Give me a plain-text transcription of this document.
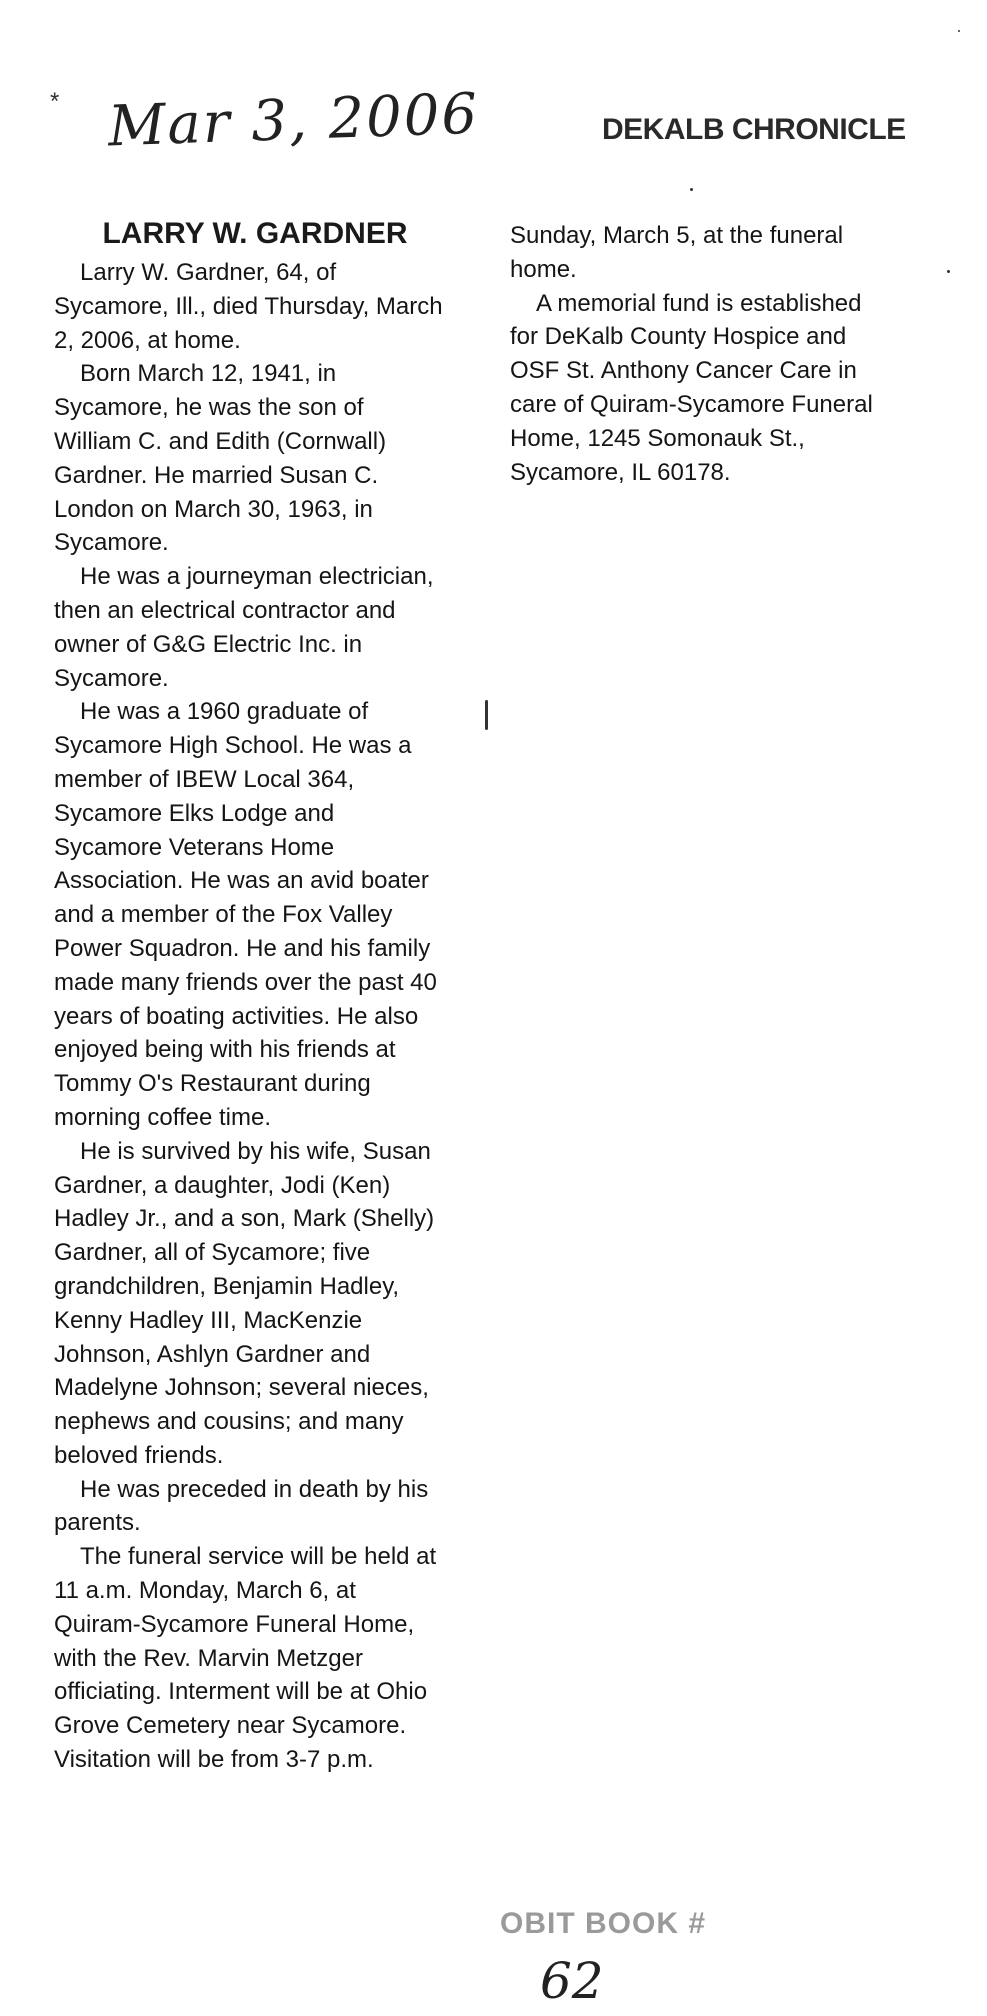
* Mar 3, 2006	DEKALB CHRONICLE
LARRY W. GARDNER

Larry W. Gardner, 64, of Sycamore, Ill., died Thursday, March 2, 2006, at home.

Born March 12, 1941, in Sycamore, he was the son of William C. and Edith (Cornwall) Gardner. He married Susan C. London on March 30, 1963, in Sycamore.

He was a journeyman electrician, then an electrical contractor and owner of G&G Electric Inc. in Sycamore.

He was a 1960 graduate of Sycamore High School. He was a member of IBEW Local 364, Sycamore Elks Lodge and Sycamore Veterans Home Association. He was an avid boater and a member of the Fox Valley Power Squadron. He and his family made many friends over the past 40 years of boating activities. He also enjoyed being with his friends at Tommy O's Restaurant during morning coffee time.

He is survived by his wife, Susan Gardner, a daughter, Jodi (Ken) Hadley Jr., and a son, Mark (Shelly) Gardner, all of Sycamore; five grandchildren, Benjamin Hadley, Kenny Hadley III, MacKenzie Johnson, Ashlyn Gardner and Madelyne Johnson; several nieces, nephews and cousins; and many beloved friends.

He was preceded in death by his parents.

The funeral service will be held at 11 a.m. Monday, March 6, at Quiram-Sycamore Funeral Home, with the Rev. Marvin Metzger officiating. Interment will be at Ohio Grove Cemetery near Sycamore. Visitation will be from 3-7 p.m.

Sunday, March 5, at the funeral home.

A memorial fund is established for DeKalb County Hospice and OSF St. Anthony Cancer Care in care of Quiram-Sycamore Funeral Home, 1245 Somonauk St., Sycamore, IL 60178.

OBIT BOOK #
62
